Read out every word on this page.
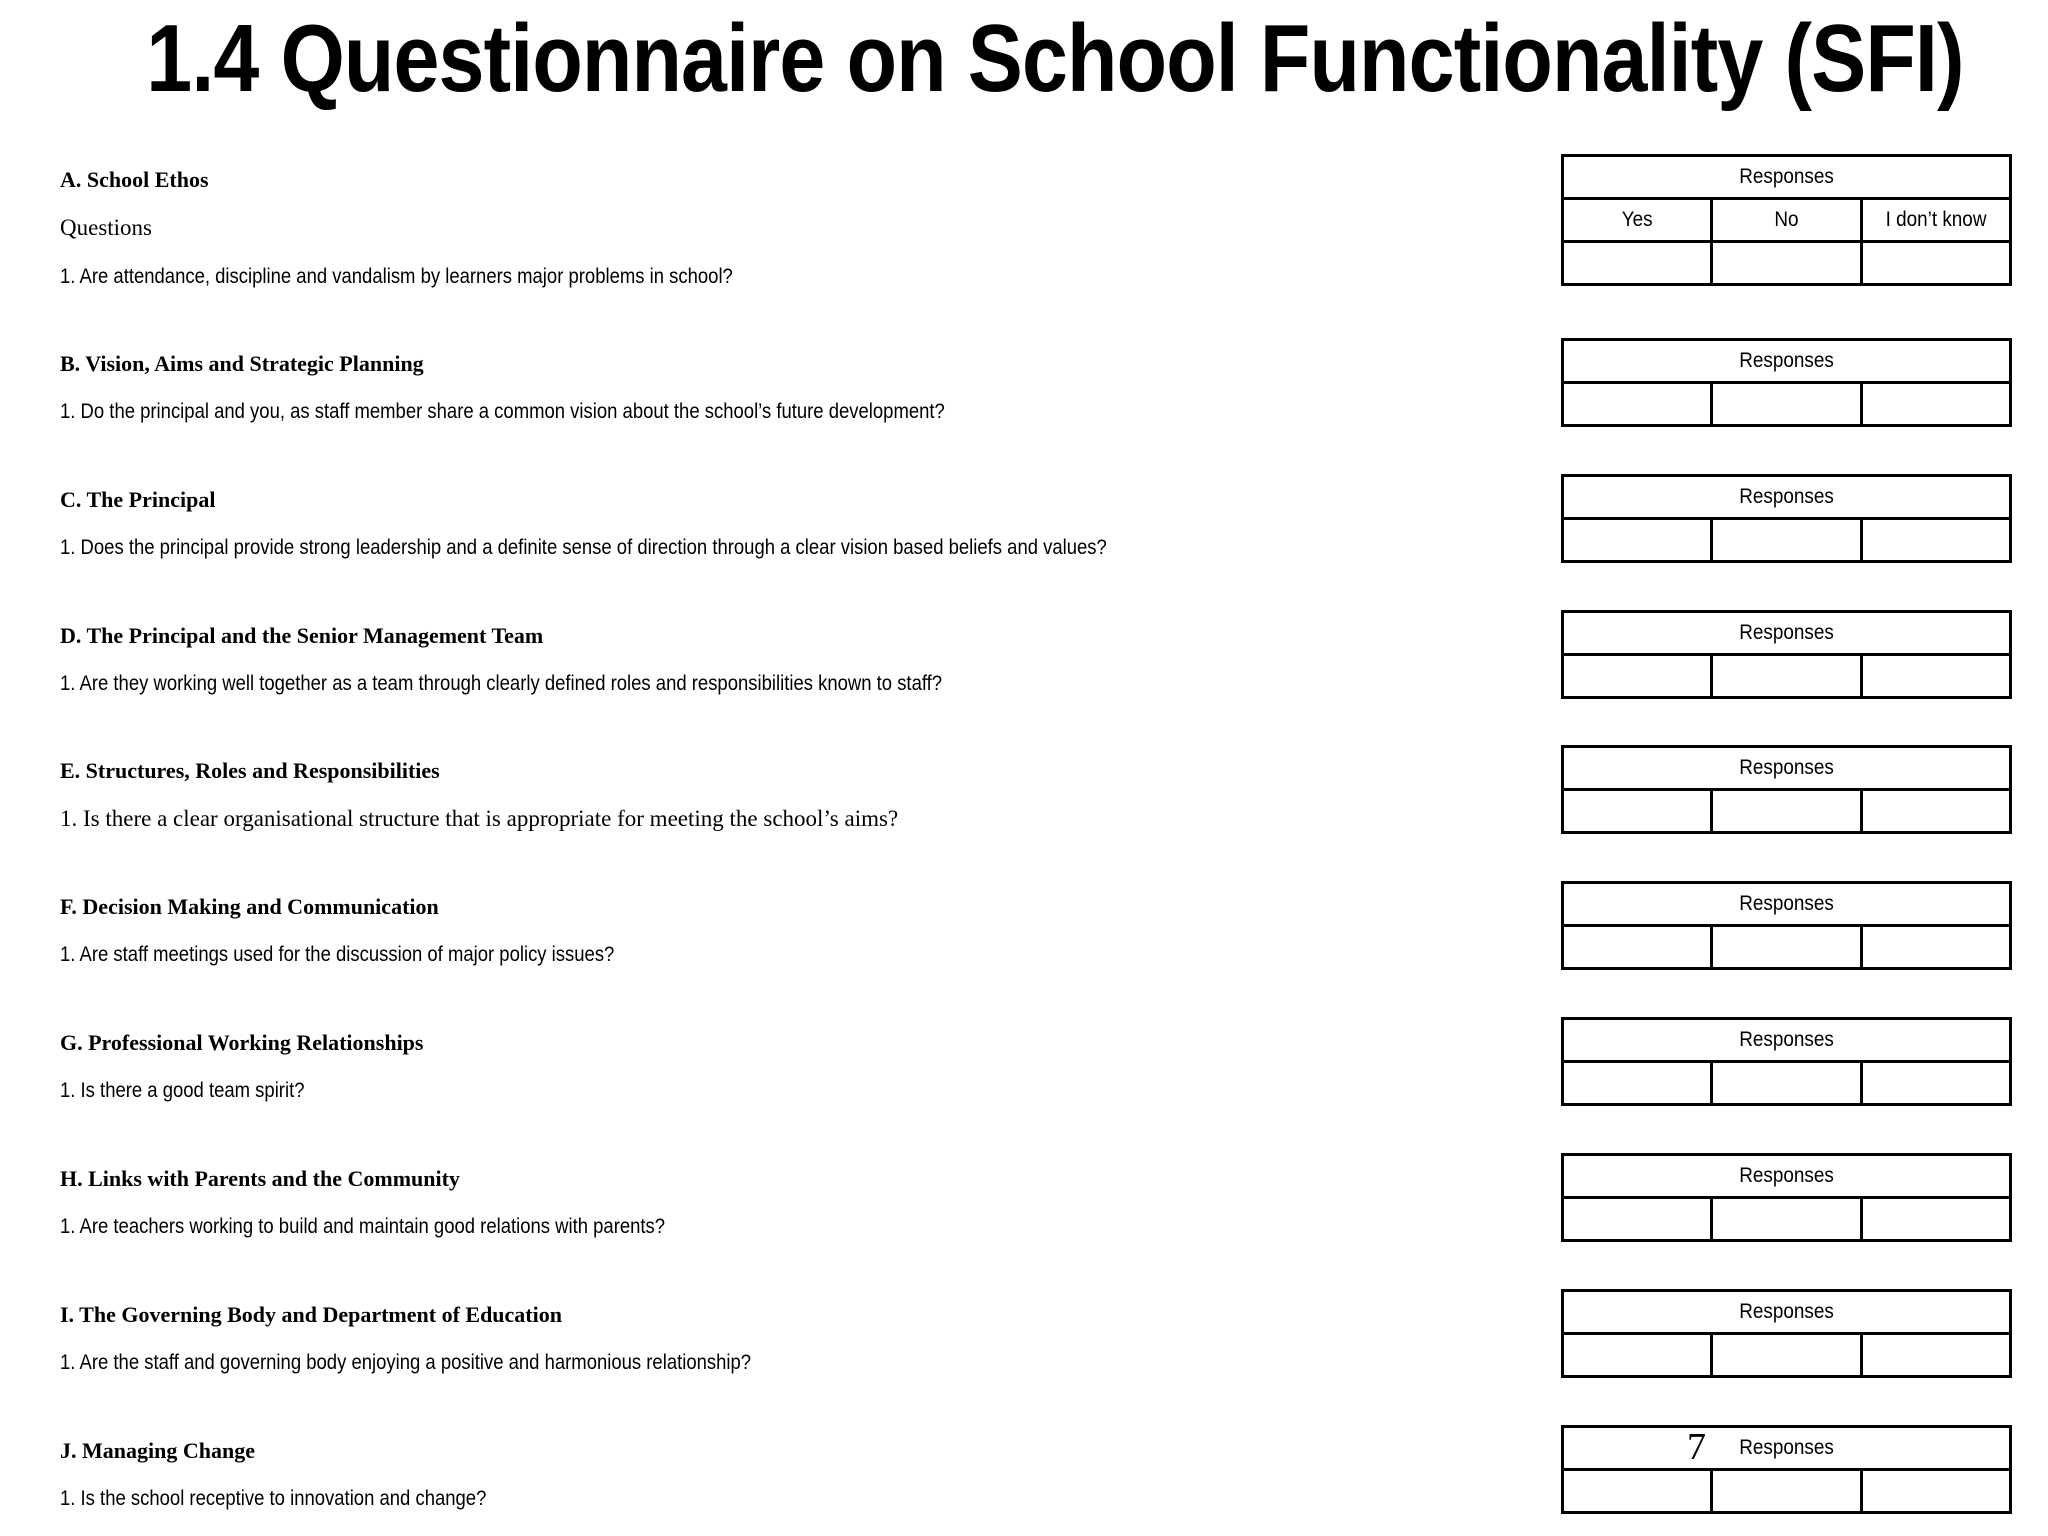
1.4 Questionnaire on School Functionality (SFI)
A. School Ethos
Questions
1. Are attendance, discipline and vandalism by learners major problems in school?
Responses		
Yes	No	I don’t know

B. Vision, Aims and Strategic Planning
1. Do the principal and you, as staff member share a common vision about the school’s future development?
Responses

C. The Principal
1. Does the principal provide strong leadership and a definite sense of direction through a clear vision based beliefs and values?
Responses

D. The Principal and the Senior Management Team
1. Are they working well together as a team through clearly defined roles and responsibilities known to staff?
Responses

E. Structures, Roles and Responsibilities
1. Is there a clear organisational structure that is appropriate for meeting the school’s aims?
Responses

F. Decision Making and Communication
1. Are staff meetings used for the discussion of major policy issues?
Responses

G. Professional Working Relationships
1. Is there a good team spirit?
Responses

H. Links with Parents and the Community
1. Are teachers working to build and maintain good relations with parents?
Responses

I. The Governing Body and Department of Education
1. Are the staff and governing body enjoying a positive and harmonious relationship?
Responses

J. Managing Change
1. Is the school receptive to innovation and change?
Responses

7
